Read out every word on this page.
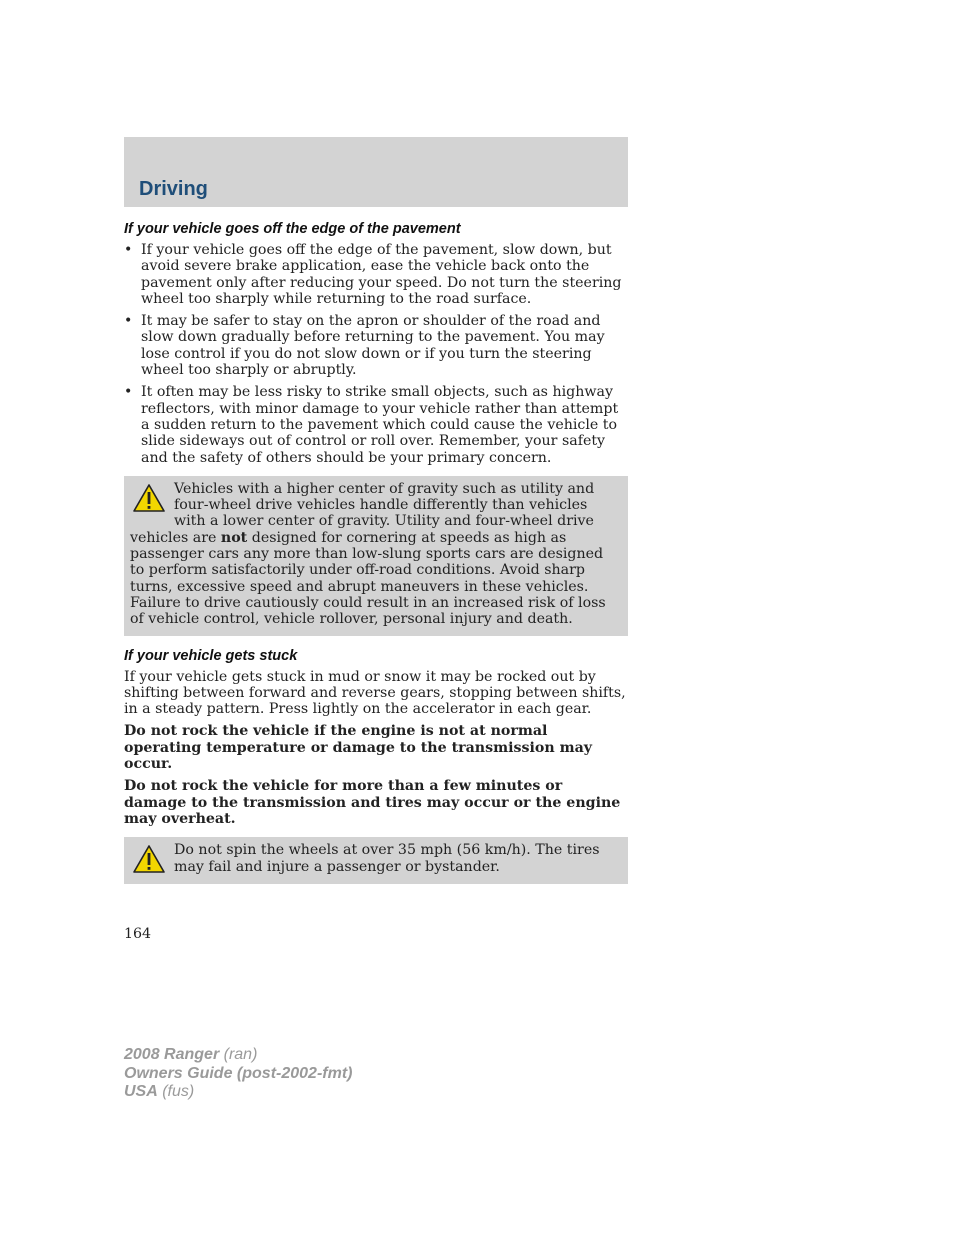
Driving
If your vehicle goes off the edge of the pavement
• If your vehicle goes off the edge of the pavement, slow down, but avoid severe brake application, ease the vehicle back onto the pavement only after reducing your speed. Do not turn the steering wheel too sharply while returning to the road surface.
• It may be safer to stay on the apron or shoulder of the road and slow down gradually before returning to the pavement. You may lose control if you do not slow down or if you turn the steering wheel too sharply or abruptly.
• It often may be less risky to strike small objects, such as highway reflectors, with minor damage to your vehicle rather than attempt a sudden return to the pavement which could cause the vehicle to slide sideways out of control or roll over. Remember, your safety and the safety of others should be your primary concern.
Vehicles with a higher center of gravity such as utility and four-wheel drive vehicles handle differently than vehicles with a lower center of gravity. Utility and four-wheel drive vehicles are not designed for cornering at speeds as high as passenger cars any more than low-slung sports cars are designed to perform satisfactorily under off-road conditions. Avoid sharp turns, excessive speed and abrupt maneuvers in these vehicles. Failure to drive cautiously could result in an increased risk of loss of vehicle control, vehicle rollover, personal injury and death.
If your vehicle gets stuck

If your vehicle gets stuck in mud or snow it may be rocked out by shifting between forward and reverse gears, stopping between shifts, in a steady pattern. Press lightly on the accelerator in each gear.

Do not rock the vehicle if the engine is not at normal operating temperature or damage to the transmission may occur.

Do not rock the vehicle for more than a few minutes or damage to the transmission and tires may occur or the engine may overheat.

Do not spin the wheels at over 35 mph (56 km/h). The tires may fail and injure a passenger or bystander.
164
2008 Ranger (ran)
Owners Guide (post-2002-fmt)
USA (fus)
